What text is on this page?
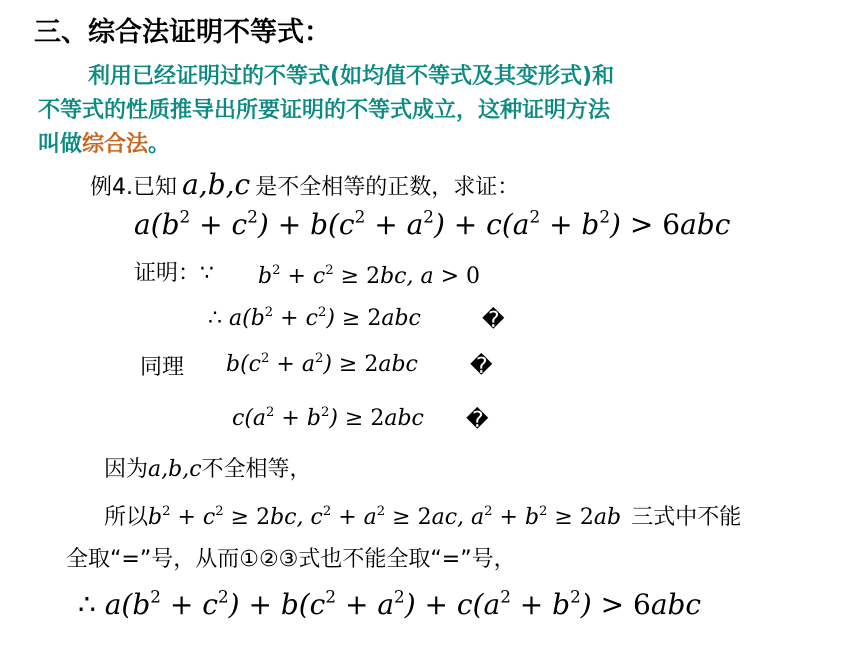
三、综合法证明不等式：
利用已经证明过的不等式(如均值不等式及其变形式)和
不等式的性质推导出所要证明的不等式成立，这种证明方法
叫做综合法。
例4.已知 a,b,c 是不全相等的正数，求证：
$a(b^2 + c^2) + b(c^2 + a^2) + c(a^2 + b^2) > 6abc$
证明：∵ $b^2 + c^2 \ge 2bc$, a > 0
∴ $a(b^2 + c^2) \ge 2abc$	�
同理 $b(c^2 + a^2) \ge 2abc$ �
$c(a^2 + b^2) \ge 2abc$ �
因为a,b,c不全相等，
所以$b^2 + c^2 \ge 2bc$, $c^2 + a^2 \ge 2ac$, $a^2 + b^2 \ge 2ab$ 三式中不能
全取“=”号，从而①②③式也不能全取“=”号，
∴ $a(b^2 + c^2) + b(c^2 + a^2) + c(a^2 + b^2) > 6abc$
